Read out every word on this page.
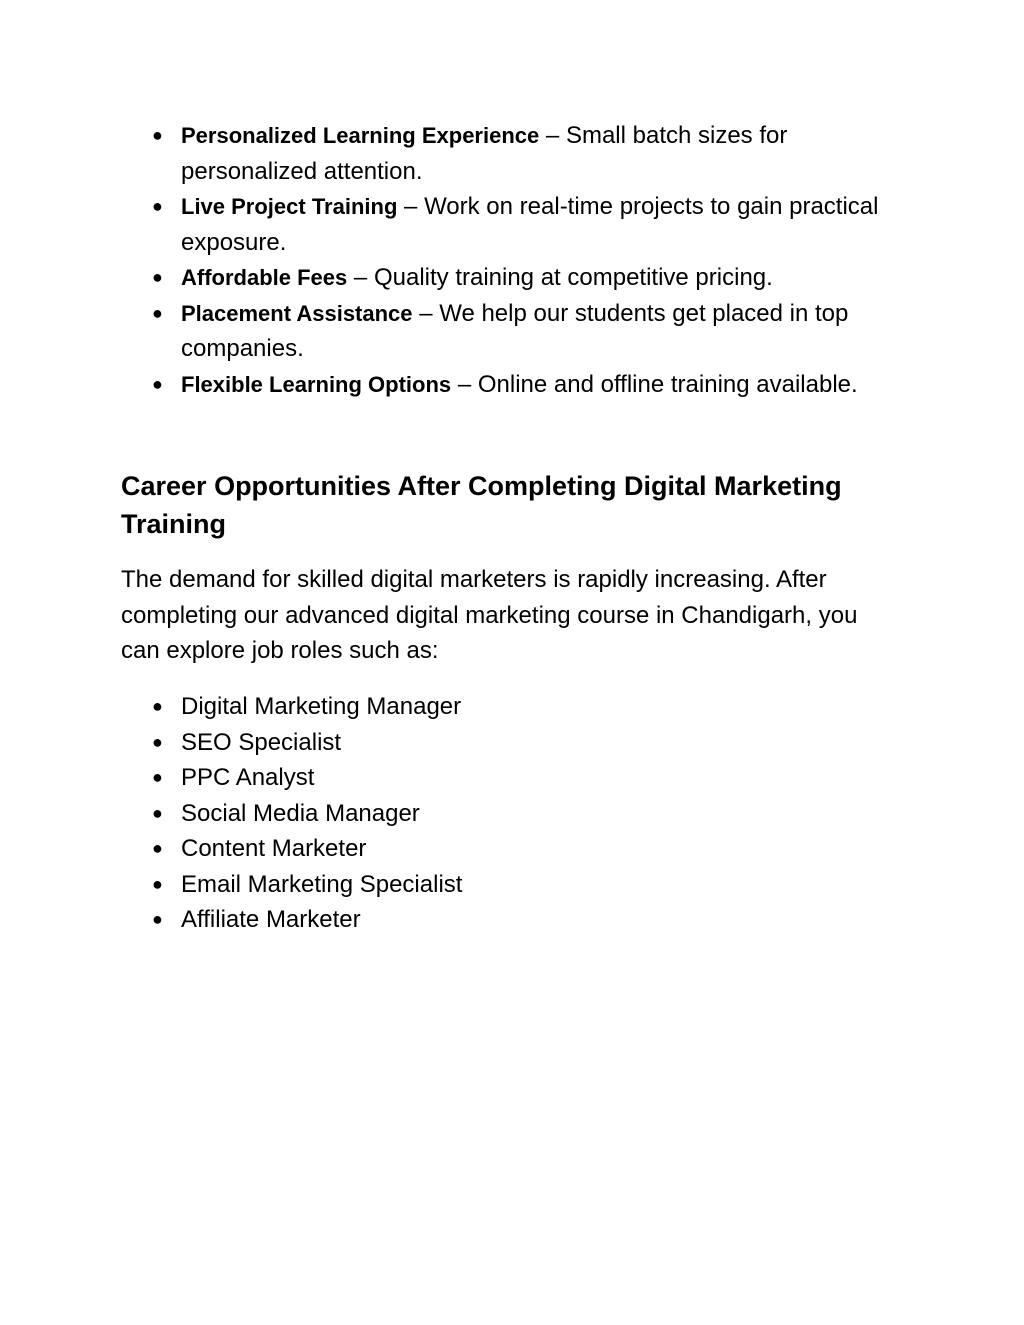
● Personalized Learning Experience – Small batch sizes for personalized attention.
● Live Project Training – Work on real-time projects to gain practical exposure.
● Affordable Fees – Quality training at competitive pricing.
● Placement Assistance – We help our students get placed in top companies.
● Flexible Learning Options – Online and offline training available.
Career Opportunities After Completing Digital Marketing Training

The demand for skilled digital marketers is rapidly increasing. After completing our advanced digital marketing course in Chandigarh, you can explore job roles such as:

● Digital Marketing Manager
● SEO Specialist
● PPC Analyst
● Social Media Manager
● Content Marketer
● Email Marketing Specialist
● Affiliate Marketer
